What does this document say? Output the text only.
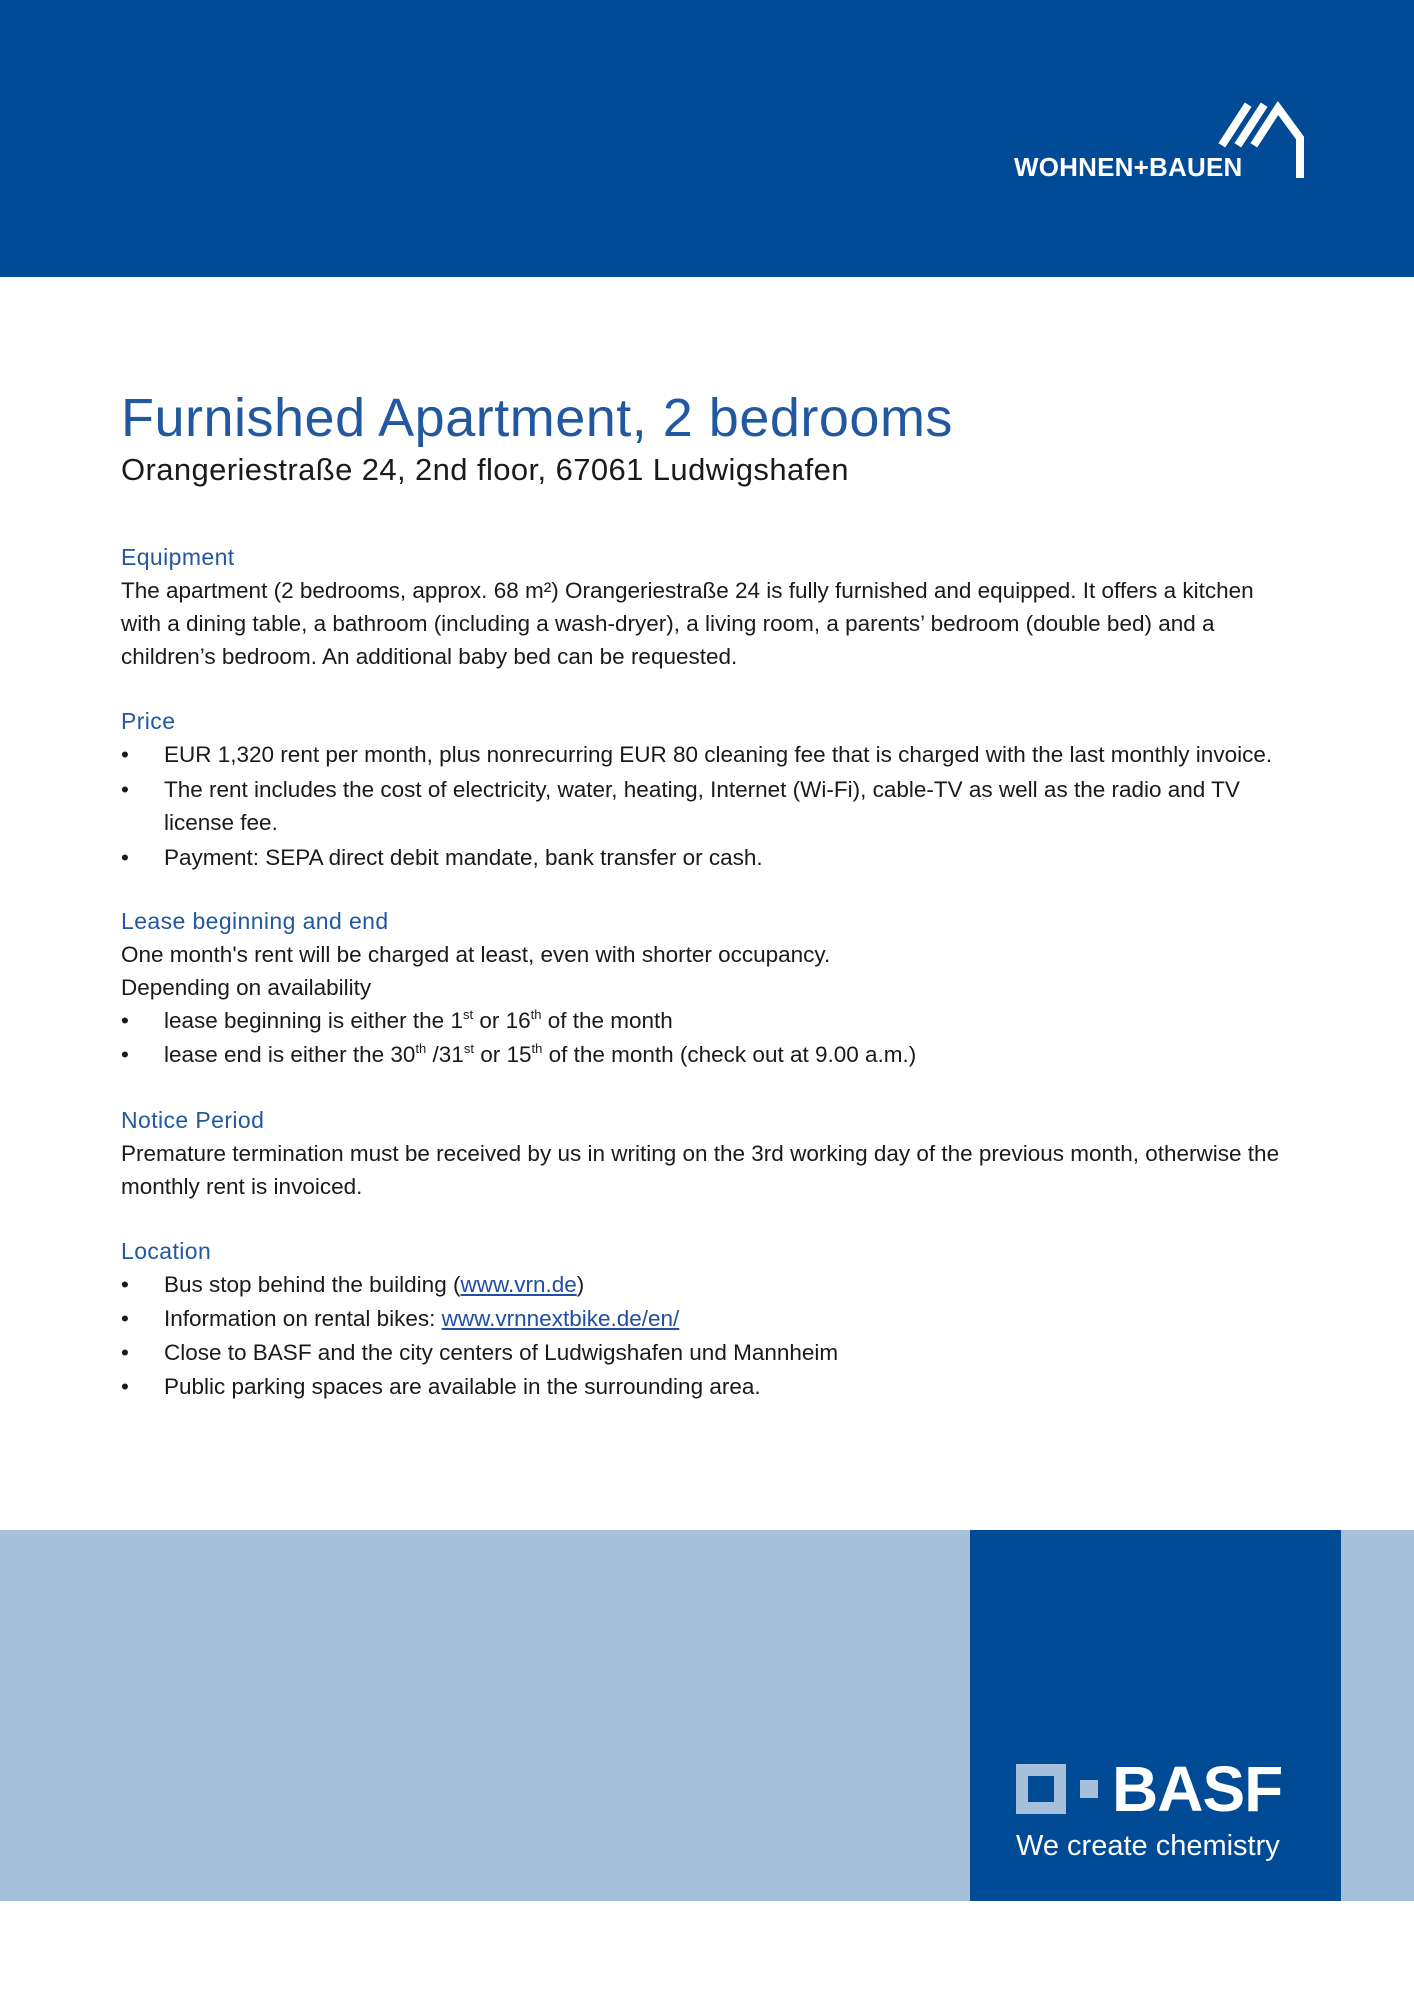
WOHNEN+BAUEN
Furnished Apartment, 2 bedrooms

Orangeriestraße 24, 2nd floor, 67061 Ludwigshafen

Equipment

The apartment (2 bedrooms, approx. 68 m²) Orangeriestraße 24 is fully furnished and equipped. It offers a kitchen with a dining table, a bathroom (including a wash-dryer), a living room, a parents’ bedroom (double bed) and a children’s bedroom. An additional baby bed can be requested.

Price
•	EUR 1,320 rent per month, plus nonrecurring EUR 80 cleaning fee that is charged with the last monthly invoice.
•	The rent includes the cost of electricity, water, heating, Internet (Wi-Fi), cable-TV as well as the radio and TV license fee.
•	Payment: SEPA direct debit mandate, bank transfer or cash.
Lease beginning and end

One month's rent will be charged at least, even with shorter occupancy.

Depending on availability

•	lease beginning is either the 1st or 16th of the month
•	lease end is either the 30th /31st or 15th of the month (check out at 9.00 a.m.)
Notice Period

Premature termination must be received by us in writing on the 3rd working day of the previous month, otherwise the monthly rent is invoiced.

Location
•	Bus stop behind the building (www.vrn.de)
•	Information on rental bikes: www.vrnnextbike.de/en/
•	Close to BASF and the city centers of Ludwigshafen und Mannheim
•	Public parking spaces are available in the surrounding area.
BASF
We create chemistry
